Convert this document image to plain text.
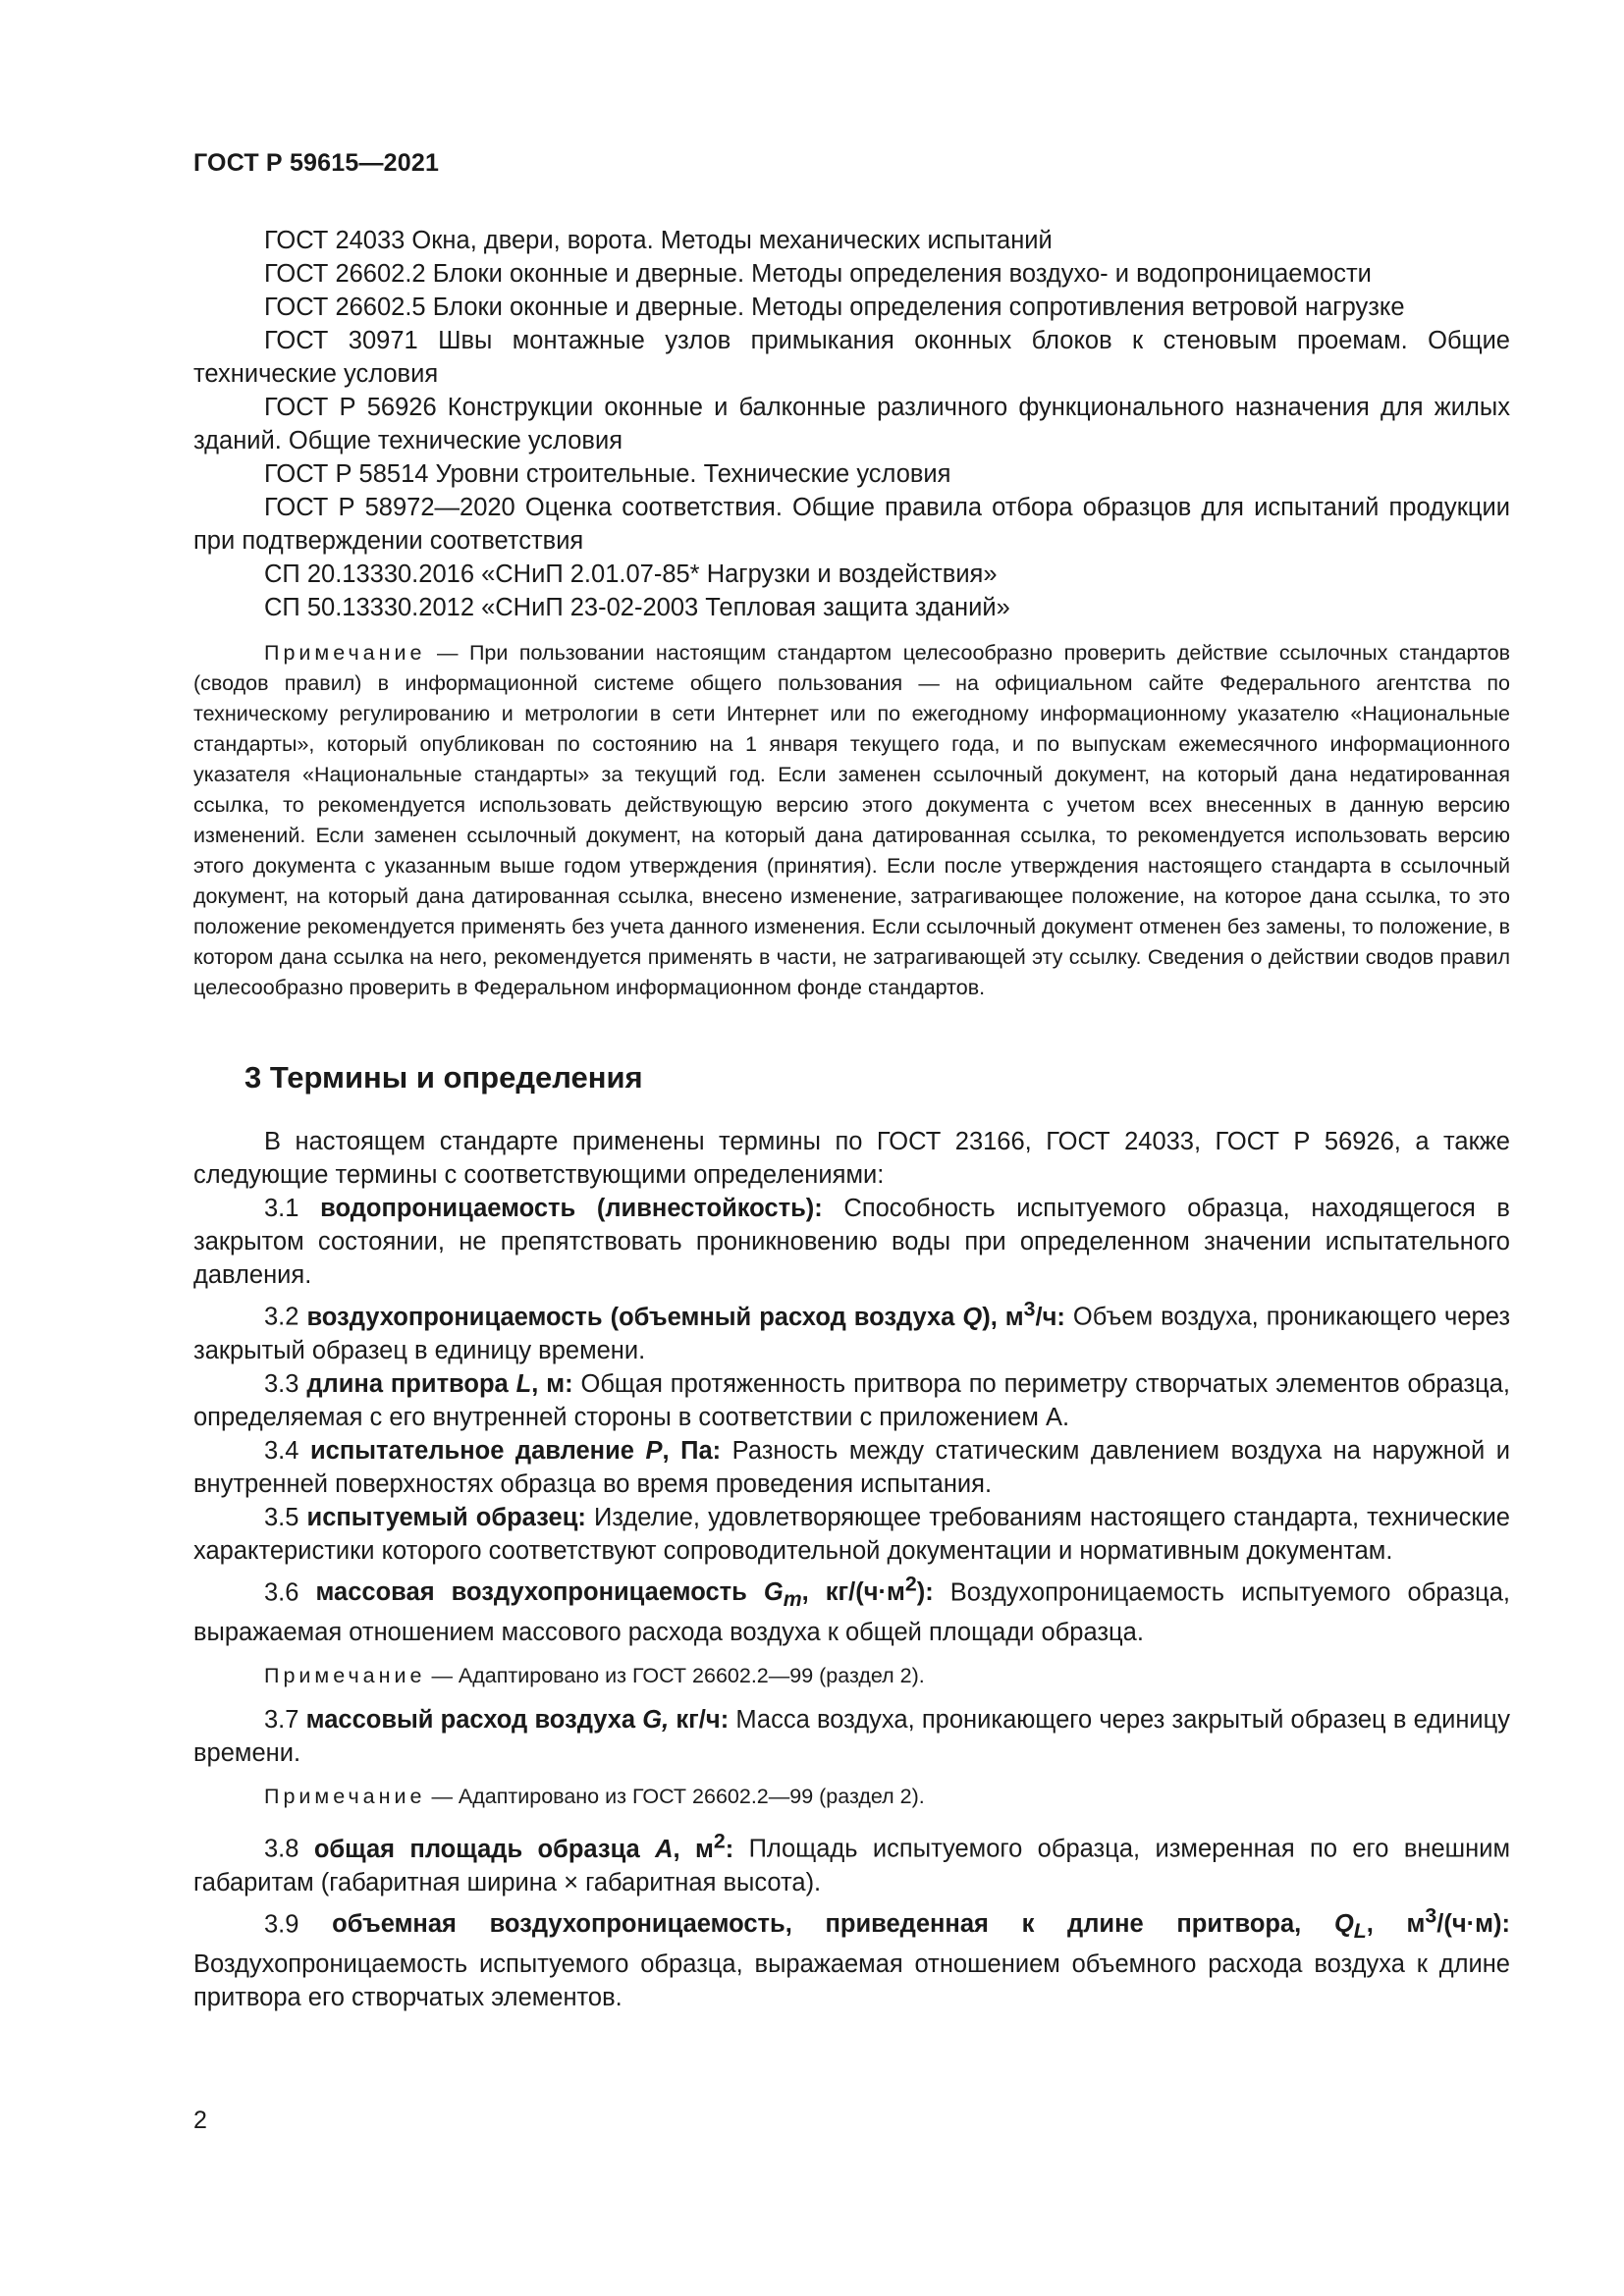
ГОСТ Р 59615—2021

ГОСТ 24033 Окна, двери, ворота. Методы механических испытаний

ГОСТ 26602.2 Блоки оконные и дверные. Методы определения воздухо- и водопроницаемости

ГОСТ 26602.5 Блоки оконные и дверные. Методы определения сопротивления ветровой нагрузке

ГОСТ 30971 Швы монтажные узлов примыкания оконных блоков к стеновым проемам. Общие технические условия

ГОСТ Р 56926 Конструкции оконные и балконные различного функционального назначения для жилых зданий. Общие технические условия

ГОСТ Р 58514 Уровни строительные. Технические условия

ГОСТ Р 58972—2020 Оценка соответствия. Общие правила отбора образцов для испытаний продукции при подтверждении соответствия

СП 20.13330.2016 «СНиП 2.01.07-85* Нагрузки и воздействия»

СП 50.13330.2012 «СНиП 23-02-2003 Тепловая защита зданий»

Примечание — При пользовании настоящим стандартом целесообразно проверить действие ссылочных стандартов (сводов правил) в информационной системе общего пользования — на официальном сайте Федерального агентства по техническому регулированию и метрологии в сети Интернет или по ежегодному информационному указателю «Национальные стандарты», который опубликован по состоянию на 1 января текущего года, и по выпускам ежемесячного информационного указателя «Национальные стандарты» за текущий год. Если заменен ссылочный документ, на который дана недатированная ссылка, то рекомендуется использовать действующую версию этого документа с учетом всех внесенных в данную версию изменений. Если заменен ссылочный документ, на который дана датированная ссылка, то рекомендуется использовать версию этого документа с указанным выше годом утверждения (принятия). Если после утверждения настоящего стандарта в ссылочный документ, на который дана датированная ссылка, внесено изменение, затрагивающее положение, на которое дана ссылка, то это положение рекомендуется применять без учета данного изменения. Если ссылочный документ отменен без замены, то положение, в котором дана ссылка на него, рекомендуется применять в части, не затрагивающей эту ссылку. Сведения о действии сводов правил целесообразно проверить в Федеральном информационном фонде стандартов.

3 Термины и определения

В настоящем стандарте применены термины по ГОСТ 23166, ГОСТ 24033, ГОСТ Р 56926, а также следующие термины с соответствующими определениями:

3.1 водопроницаемость (ливнестойкость): Способность испытуемого образца, находящегося в закрытом состоянии, не препятствовать проникновению воды при определенном значении испытательного давления.

3.2 воздухопроницаемость (объемный расход воздуха Q), $м^3/ч$: Объем воздуха, проникающего через закрытый образец в единицу времени.

3.3 длина притвора L, м: Общая протяженность притвора по периметру створчатых элементов образца, определяемая с его внутренней стороны в соответствии с приложением А.

3.4 испытательное давление P, Па: Разность между статическим давлением воздуха на наружной и внутренней поверхностях образца во время проведения испытания.

3.5 испытуемый образец: Изделие, удовлетворяющее требованиям настоящего стандарта, технические характеристики которого соответствуют сопроводительной документации и нормативным документам.

3.6 массовая воздухопроницаемость $G_m$, $кг/(ч\cdot м^2)$: Воздухопроницаемость испытуемого образца, выражаемая отношением массового расхода воздуха к общей площади образца.

Примечание — Адаптировано из ГОСТ 26602.2—99 (раздел 2).

3.7 массовый расход воздуха G, кг/ч: Масса воздуха, проникающего через закрытый образец в единицу времени.

Примечание — Адаптировано из ГОСТ 26602.2—99 (раздел 2).

3.8 общая площадь образца A, $м^2$: Площадь испытуемого образца, измеренная по его внешним габаритам (габаритная ширина × габаритная высота).

3.9 объемная воздухопроницаемость, приведенная к длине притвора, $Q_L$, $м^3/(ч\cdot м)$: Воздухопроницаемость испытуемого образца, выражаемая отношением объемного расхода воздуха к длине притвора его створчатых элементов.

2
